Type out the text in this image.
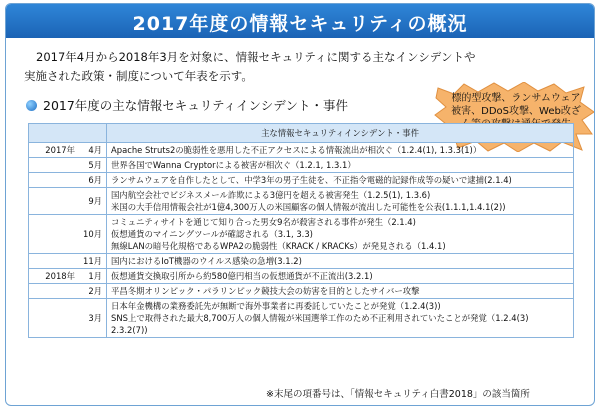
2017年度の情報セキュリティの概況
2017年4月から2018年3月を対象に、情報セキュリティに関する主なインシデントや
実施された政策・制度について年表を示す。
2017年度の主な情報セキュリティインシデント・事件	標的型攻撃、ランサムウェア被害、DDoS攻撃、Web改ざ
		主な情報セキュリティインシデント・事件
2017年	4月	Apache Struts2の脆弱性を悪用した不正アクセスによる情報流出が相次ぐ（1.2.4(1), 1.3.3(1)）

	5月	世界各国でWanna Cryptorによる被害が相次ぐ（1.2.1, 1.3.1）

	6月	ランサムウェアを自作したとして、中学3年の男子生徒を、不正指令電磁的記録作成等の疑いで逮捕(2.1.4)

	9月	国内航空会社でビジネスメール詐欺による3億円を超える被害発生（1.2.5(1), 1.3.6)
米国の大手信用情報会社が1億4,300万人の米国顧客の個人情報が流出した可能性を公表(1.1.1,1.4.1(2))

	10月	コミュニティサイトを通じて知り合った男女9名が殺害される事件が発生（2.1.4)
仮想通貨のマイニングツールが確認される（3.1, 3.3)
無線LANの暗号化規格であるWPA2の脆弱性（KRACK / KRACKs）が発見される（1.4.1)

	11月	国内におけるIoT機器のウイルス感染の急増(3.1.2)

2018年	1月	仮想通貨交換取引所から約580億円相当の仮想通貨が不正流出(3.2.1)

	2月	平昌冬期オリンピック・パラリンピック競技大会の妨害を目的としたサイバー攻撃

	3月	日本年金機構の業務委託先が無断で海外事業者に再委託していたことが発覚（1.2.4(3))
SNS上で取得された最大8,700万人の個人情報が米国選挙工作のため不正利用されていたことが発覚（1.2.4(3)
2.3.2(7))
※末尾の項番号は、「情報セキュリティ白書2018」の該当箇所
